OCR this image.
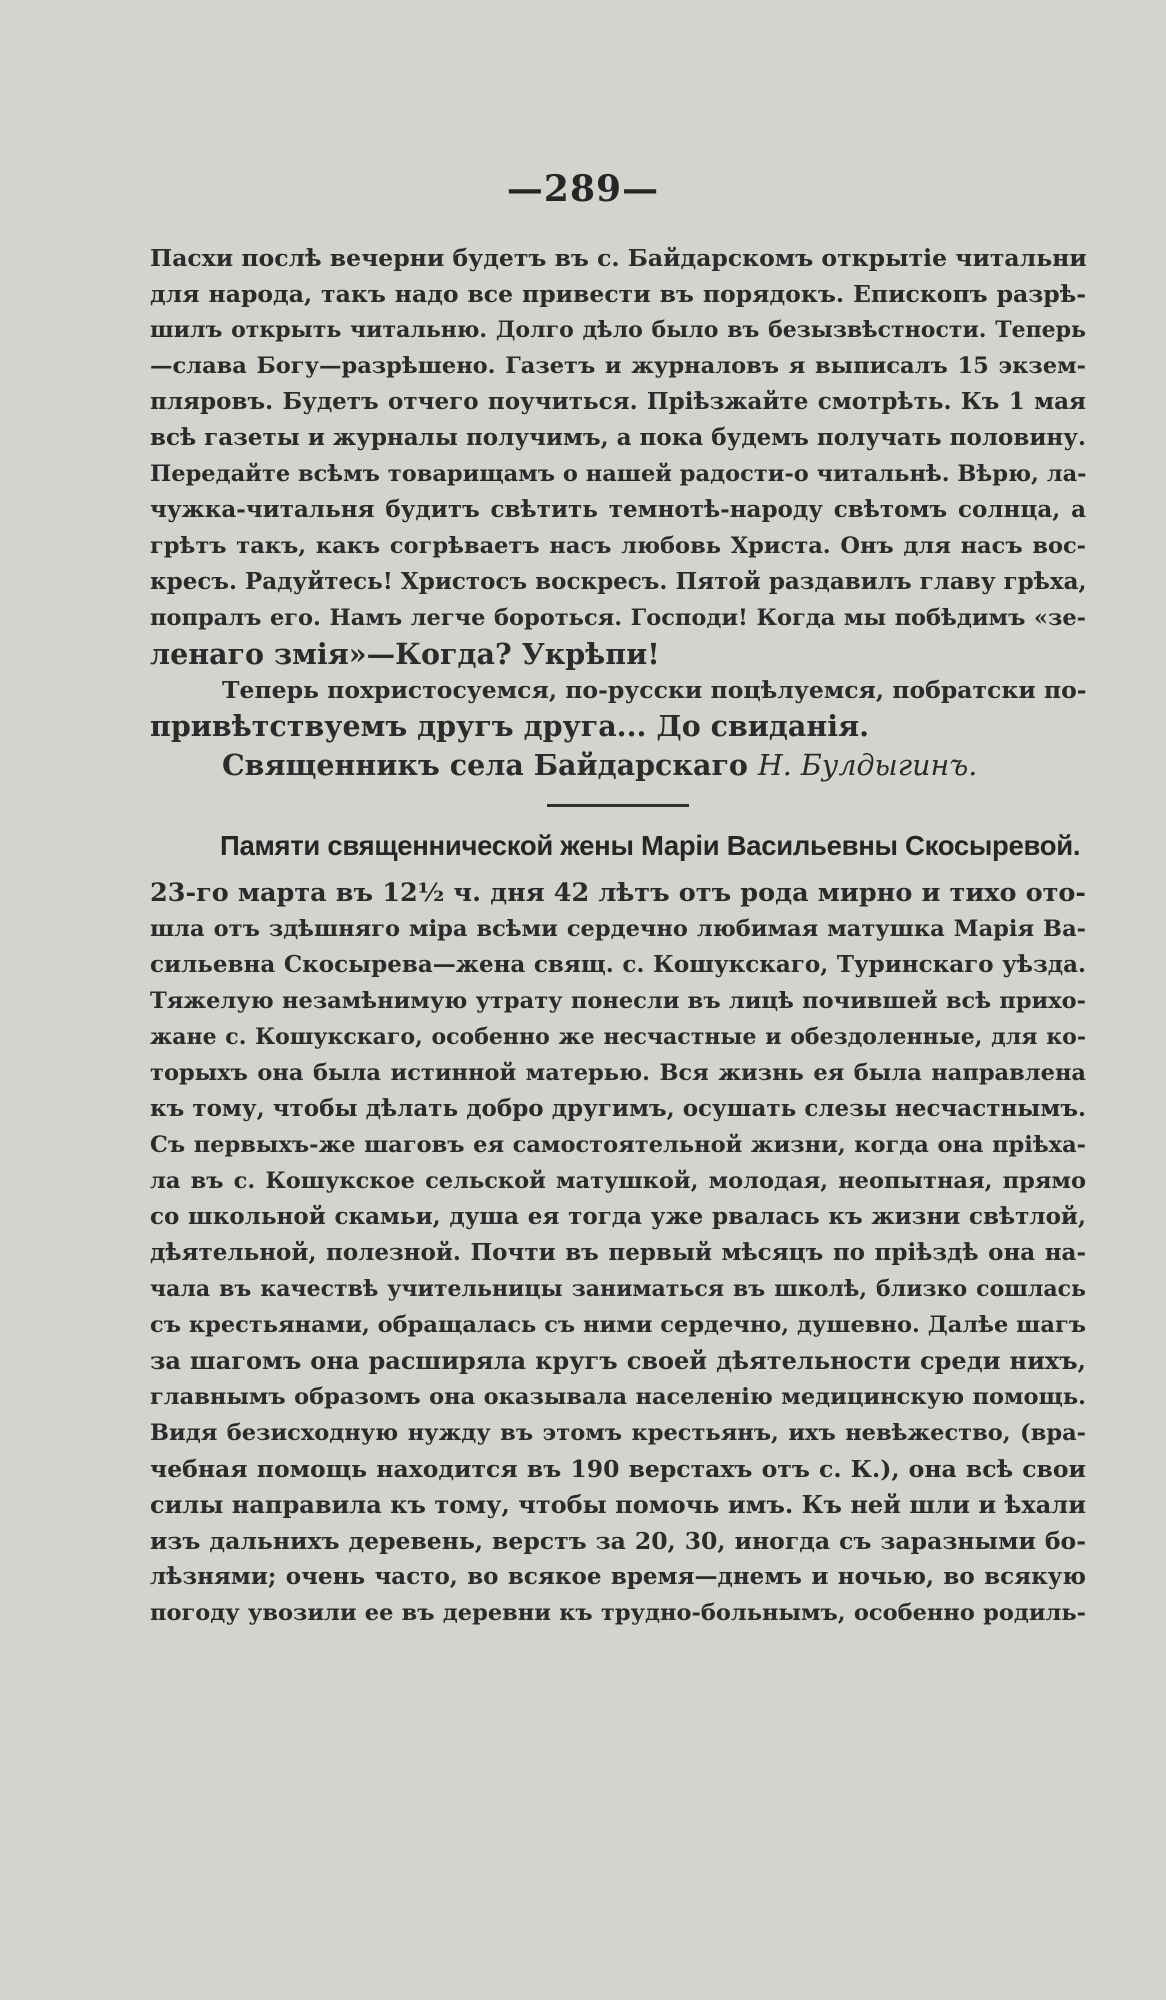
—289—
Пасхи послѣ вечерни будетъ въ с. Байдарскомъ открытіе читальни
для народа, такъ надо все привести въ порядокъ. Епископъ разрѣ-
шилъ открыть читальню. Долго дѣло было въ безызвѣстности. Теперь
—слава Богу—разрѣшено. Газетъ и журналовъ я выписалъ 15 экзем-
пляровъ. Будетъ отчего поучиться. Пріѣзжайте смотрѣть. Къ 1 мая
всѣ газеты и журналы получимъ, а пока будемъ получать половину.
Передайте всѣмъ товарищамъ о нашей радости-о читальнѣ. Вѣрю, ла-
чужка-читальня будитъ свѣтить темнотѣ-народу свѣтомъ солнца, а
грѣтъ такъ, какъ согрѣваетъ насъ любовь Христа. Онъ для насъ вос-
кресъ. Радуйтесь! Христосъ воскресъ. Пятой раздавилъ главу грѣха,
попралъ его. Намъ легче бороться. Господи! Когда мы побѣдимъ «зе-
ленаго змія»—Когда? Укрѣпи!
Теперь похристосуемся, по-русски поцѣлуемся, побратски по-
привѣтствуемъ другъ друга... До свиданія.
Священникъ села Байдарскаго Н. Булдыгинъ.
Памяти священнической жены Маріи Васильевны Скосыревой.
23-го марта въ 12½ ч. дня 42 лѣтъ отъ рода мирно и тихо ото-
шла отъ здѣшняго міра всѣми сердечно любимая матушка Марія Ва-
сильевна Скосырева—жена свящ. с. Кошукскаго, Туринскаго уѣзда.
Тяжелую незамѣнимую утрату понесли въ лицѣ почившей всѣ прихо-
жане с. Кошукскаго, особенно же несчастные и обездоленные, для ко-
торыхъ она была истинной матерью. Вся жизнь ея была направлена
къ тому, чтобы дѣлать добро другимъ, осушать слезы несчастнымъ.
Съ первыхъ-же шаговъ ея самостоятельной жизни, когда она пріѣха-
ла въ с. Кошукское сельской матушкой, молодая, неопытная, прямо
со школьной скамьи, душа ея тогда уже рвалась къ жизни свѣтлой,
дѣятельной, полезной. Почти въ первый мѣсяцъ по пріѣздѣ она на-
чала въ качествѣ учительницы заниматься въ школѣ, близко сошлась
съ крестьянами, обращалась съ ними сердечно, душевно. Далѣе шагъ
за шагомъ она расширяла кругъ своей дѣятельности среди нихъ,
главнымъ образомъ она оказывала населенію медицинскую помощь.
Видя безисходную нужду въ этомъ крестьянъ, ихъ невѣжество, (вра-
чебная помощь находится въ 190 верстахъ отъ с. К.), она всѣ свои
силы направила къ тому, чтобы помочь имъ. Къ ней шли и ѣхали
изъ дальнихъ деревень, верстъ за 20, 30, иногда съ заразными бо-
лѣзнями; очень часто, во всякое время—днемъ и ночью, во всякую
погоду увозили ее въ деревни къ трудно-больнымъ, особенно родиль-
